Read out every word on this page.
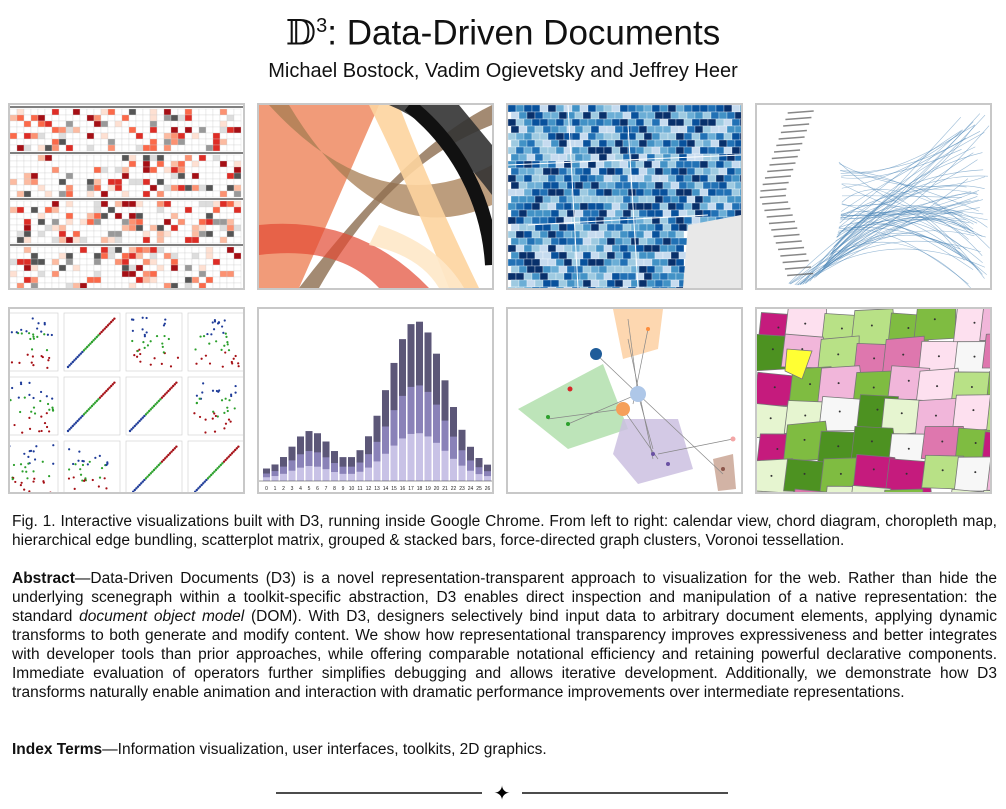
𝔻$^3$: Data-Driven Documents
Michael Bostock, Vadim Ogievetsky and Jeffrey Heer
0 1 2 3 4 5 6 7 8 9 10 11 12 13 14 15 16 17 18 19 20 21 22 23 24 25 26
Fig. 1. Interactive visualizations built with D3, running inside Google Chrome. From left to right: calendar view, chord diagram, choropleth map, hierarchical edge bundling, scatterplot matrix, grouped & stacked bars, force-directed graph clusters, Voronoi tessellation.
Abstract—Data-Driven Documents (D3) is a novel representation-transparent approach to visualization for the web. Rather than hide the underlying scenegraph within a toolkit-specific abstraction, D3 enables direct inspection and manipulation of a native representation: the standard document object model (DOM). With D3, designers selectively bind input data to arbitrary document elements, applying dynamic transforms to both generate and modify content. We show how representational transparency improves expressiveness and better integrates with developer tools than prior approaches, while offering comparable notational efficiency and retaining powerful declarative components. Immediate evaluation of operators further simplifies debugging and allows iterative development. Additionally, we demonstrate how D3 transforms naturally enable animation and interaction with dramatic performance improvements over intermediate representations.
Index Terms—Information visualization, user interfaces, toolkits, 2D graphics.
✦
